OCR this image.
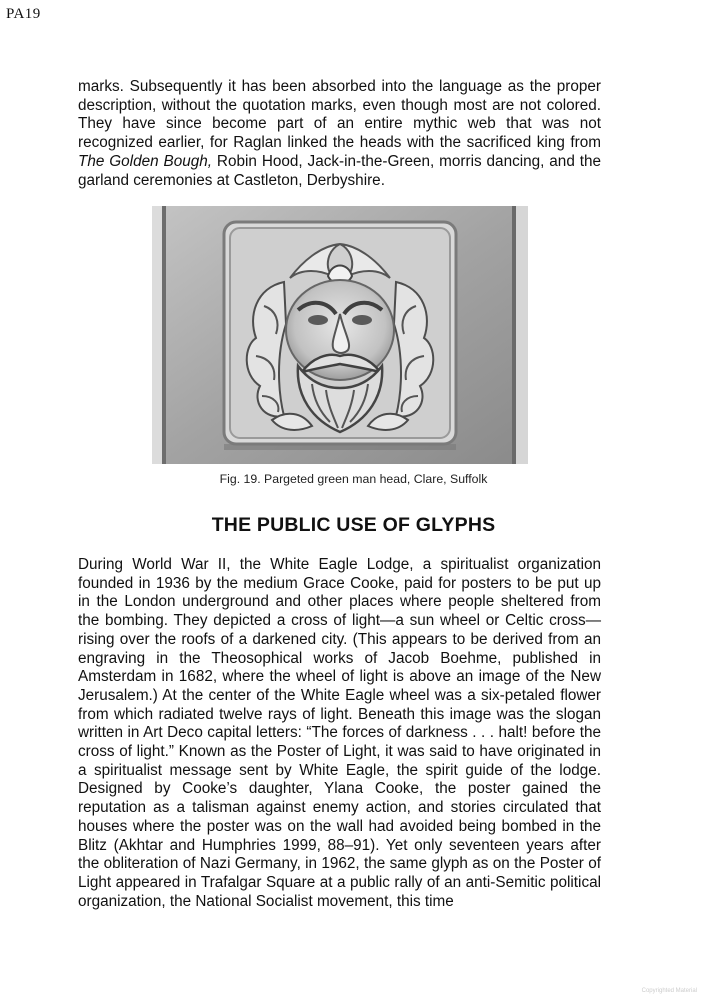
PA19

marks. Subsequently it has been absorbed into the language as the proper description, without the quotation marks, even though most are not colored. They have since become part of an entire mythic web that was not recognized earlier, for Raglan linked the heads with the sacrificed king from The Golden Bough, Robin Hood, Jack-in-the-Green, morris dancing, and the garland ceremonies at Castleton, Derbyshire.

Fig. 19. Pargeted green man head, Clare, Suffolk

THE PUBLIC USE OF GLYPHS

During World War II, the White Eagle Lodge, a spiritualist organization founded in 1936 by the medium Grace Cooke, paid for posters to be put up in the London underground and other places where people sheltered from the bombing. They depicted a cross of light—a sun wheel or Celtic cross—rising over the roofs of a darkened city. (This appears to be derived from an engraving in the Theosophical works of Jacob Boehme, published in Amsterdam in 1682, where the wheel of light is above an image of the New Jerusalem.) At the center of the White Eagle wheel was a six-petaled flower from which radiated twelve rays of light. Beneath this image was the slogan written in Art Deco capital letters: “The forces of darkness . . . halt! before the cross of light.” Known as the Poster of Light, it was said to have originated in a spiritualist message sent by White Eagle, the spirit guide of the lodge. Designed by Cooke’s daughter, Ylana Cooke, the poster gained the reputation as a talisman against enemy action, and stories circulated that houses where the poster was on the wall had avoided being bombed in the Blitz (Akhtar and Humphries 1999, 88–91). Yet only seventeen years after the obliteration of Nazi Germany, in 1962, the same glyph as on the Poster of Light appeared in Trafalgar Square at a public rally of an anti-Semitic political organization, the National Socialist movement, this time

Copyrighted Material
